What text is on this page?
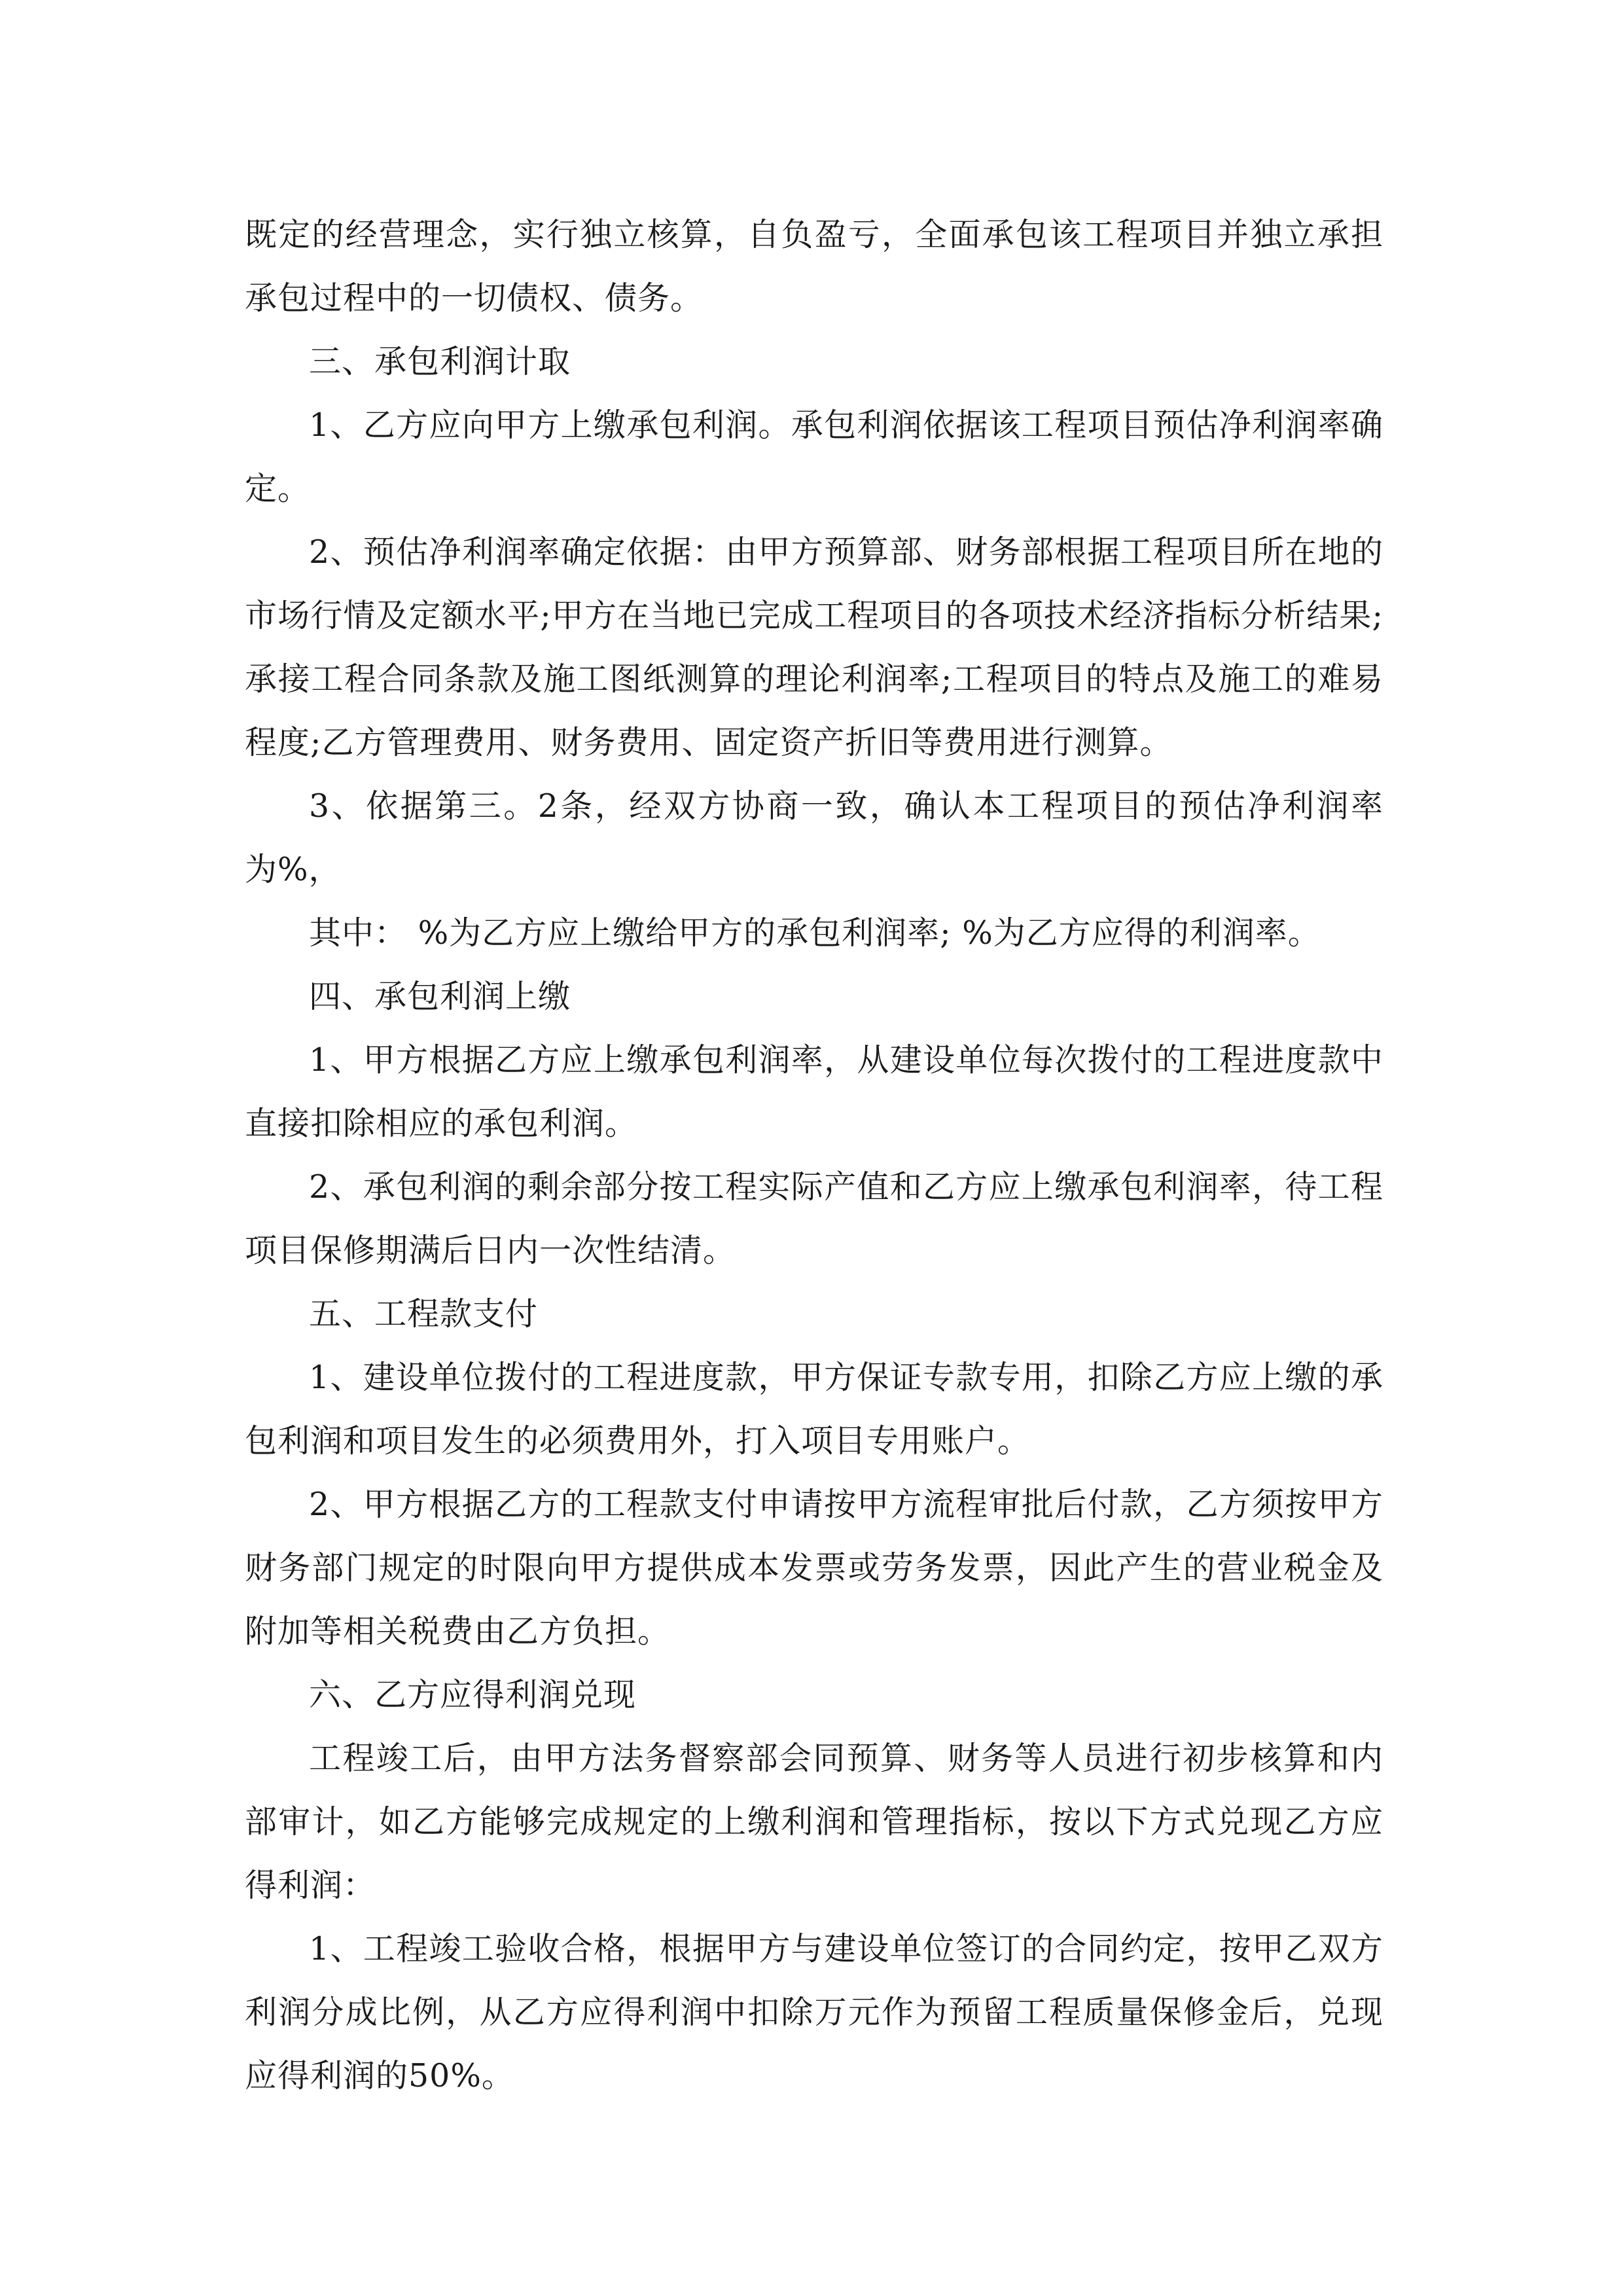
既定的经营理念，实行独立核算，自负盈亏，全面承包该工程项目并独立承担承包过程中的一切债权、债务。

三、承包利润计取

1、乙方应向甲方上缴承包利润。承包利润依据该工程项目预估净利润率确定。

2、预估净利润率确定依据：由甲方预算部、财务部根据工程项目所在地的市场行情及定额水平;甲方在当地已完成工程项目的各项技术经济指标分析结果;承接工程合同条款及施工图纸测算的理论利润率;工程项目的特点及施工的难易程度;乙方管理费用、财务费用、固定资产折旧等费用进行测算。

3、依据第三。2条，经双方协商一致，确认本工程项目的预估净利润率为%，

其中： %为乙方应上缴给甲方的承包利润率; %为乙方应得的利润率。

四、承包利润上缴

1、甲方根据乙方应上缴承包利润率，从建设单位每次拨付的工程进度款中直接扣除相应的承包利润。

2、承包利润的剩余部分按工程实际产值和乙方应上缴承包利润率，待工程项目保修期满后日内一次性结清。

五、工程款支付

1、建设单位拨付的工程进度款，甲方保证专款专用，扣除乙方应上缴的承包利润和项目发生的必须费用外，打入项目专用账户。

2、甲方根据乙方的工程款支付申请按甲方流程审批后付款，乙方须按甲方财务部门规定的时限向甲方提供成本发票或劳务发票，因此产生的营业税金及附加等相关税费由乙方负担。

六、乙方应得利润兑现

工程竣工后，由甲方法务督察部会同预算、财务等人员进行初步核算和内部审计，如乙方能够完成规定的上缴利润和管理指标，按以下方式兑现乙方应得利润：

1、工程竣工验收合格，根据甲方与建设单位签订的合同约定，按甲乙双方利润分成比例，从乙方应得利润中扣除万元作为预留工程质量保修金后，兑现应得利润的50%。
